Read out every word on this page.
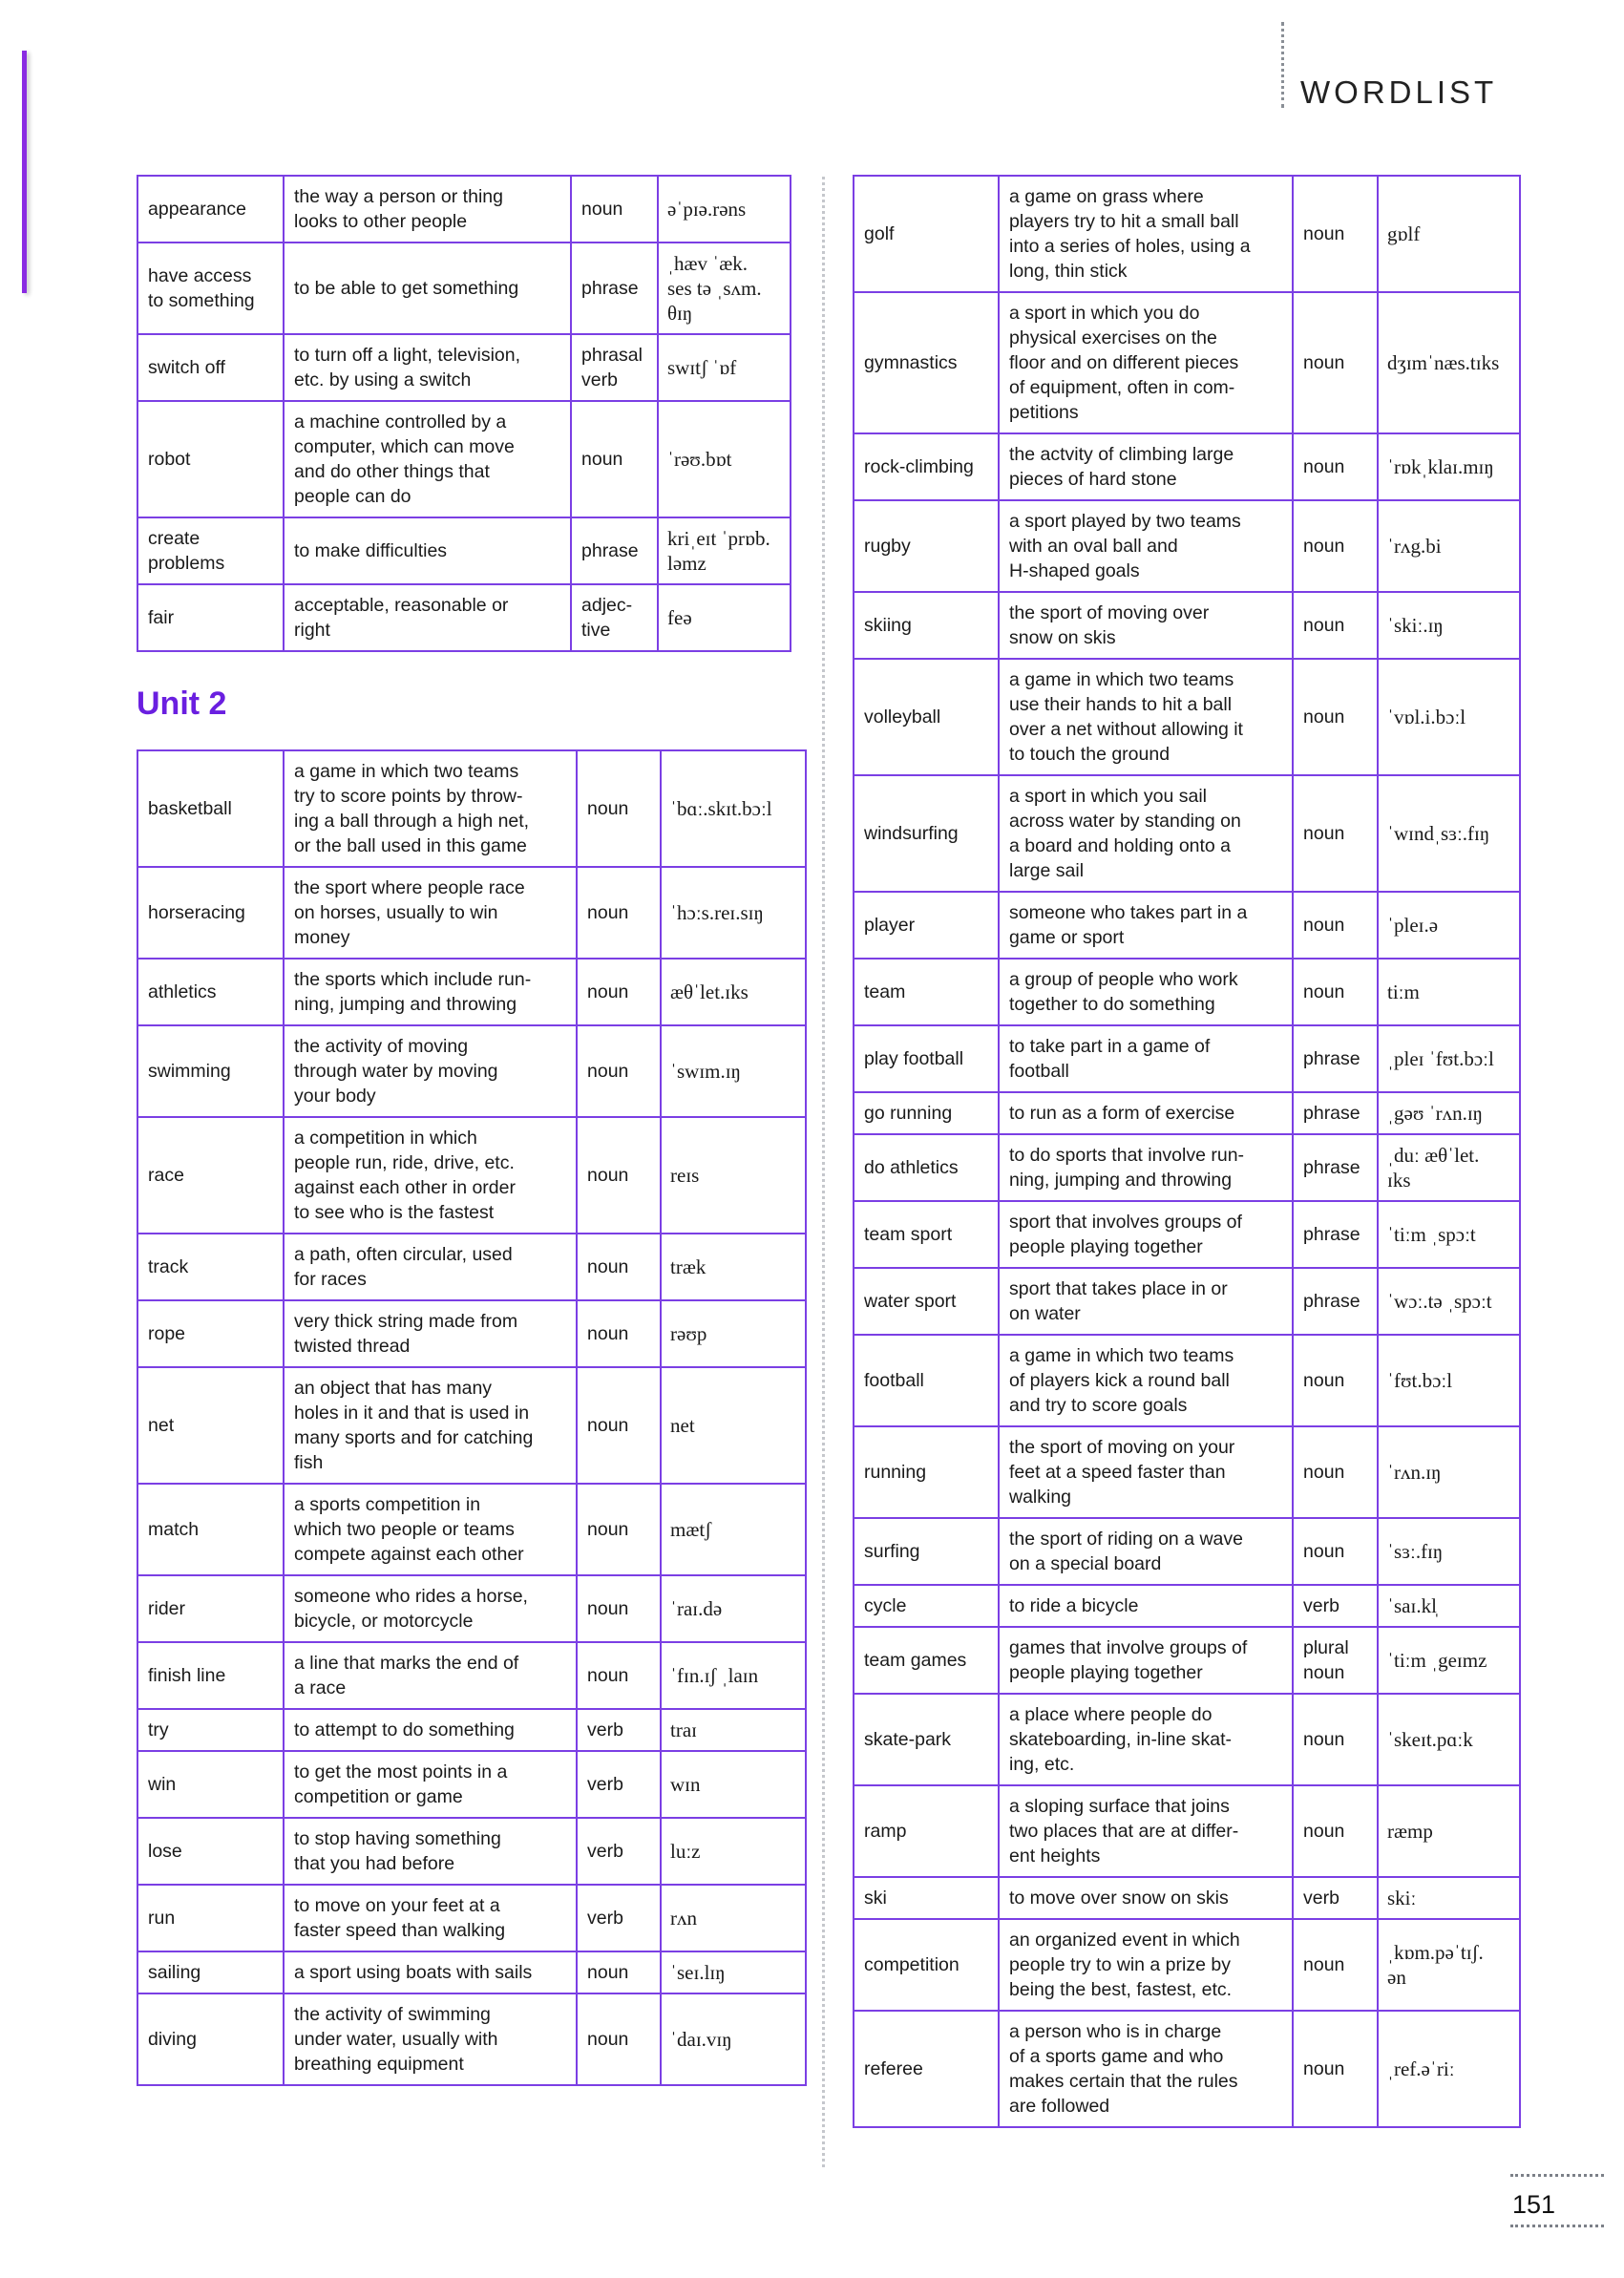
WORDLIST
appearance	the way a person or thing
looks to other people	noun	əˈpɪə.rəns
have access
to something	to be able to get something	phrase	ˌhæv ˈæk.
ses tə ˌsʌm.
θɪŋ
switch off	to turn off a light, television,
etc. by using a switch	phrasal
verb	swɪtʃ ˈɒf
robot	a machine controlled by a
computer, which can move
and do other things that
people can do	noun	ˈrəʊ.bɒt
create
problems	to make difficulties	phrase	kriˌeɪt ˈprɒb.
ləmz
fair	acceptable, reasonable or
right	adjec-
tive	feə
Unit 2
basketball	a game in which two teams
try to score points by throw-
ing a ball through a high net,
or the ball used in this game	noun	ˈbɑː.skɪt.bɔːl
horseracing	the sport where people race
on horses, usually to win
money	noun	ˈhɔːs.reɪ.sɪŋ
athletics	the sports which include run-
ning, jumping and throwing	noun	æθˈlet.ɪks
swimming	the activity of moving
through water by moving
your body	noun	ˈswɪm.ɪŋ
race	a competition in which
people run, ride, drive, etc.
against each other in order
to see who is the fastest	noun	reɪs
track	a path, often circular, used
for races	noun	træk
rope	very thick string made from
twisted thread	noun	rəʊp
net	an object that has many
holes in it and that is used in
many sports and for catching
fish	noun	net
match	a sports competition in
which two people or teams
compete against each other	noun	mætʃ
rider	someone who rides a horse,
bicycle, or motorcycle	noun	ˈraɪ.də
finish line	a line that marks the end of
a race	noun	ˈfɪn.ɪʃ ˌlaɪn
try	to attempt to do something	verb	traɪ
win	to get the most points in a
competition or game	verb	wɪn
lose	to stop having something
that you had before	verb	luːz
run	to move on your feet at a
faster speed than walking	verb	rʌn
sailing	a sport using boats with sails	noun	ˈseɪ.lɪŋ
diving	the activity of swimming
under water, usually with
breathing equipment	noun	ˈdaɪ.vɪŋ
golf	a game on grass where
players try to hit a small ball
into a series of holes, using a
long, thin stick	noun	gɒlf
gymnastics	a sport in which you do
physical exercises on the
floor and on different pieces
of equipment, often in com-
petitions	noun	dʒɪmˈnæs.tɪks
rock-climbing	the actvity of climbing large
pieces of hard stone	noun	ˈrɒkˌklaɪ.mɪŋ
rugby	a sport played by two teams
with an oval ball and
H-shaped goals	noun	ˈrʌg.bi
skiing	the sport of moving over
snow on skis	noun	ˈskiː.ɪŋ
volleyball	a game in which two teams
use their hands to hit a ball
over a net without allowing it
to touch the ground	noun	ˈvɒl.i.bɔːl
windsurfing	a sport in which you sail
across water by standing on
a board and holding onto a
large sail	noun	ˈwɪndˌsɜː.fɪŋ
player	someone who takes part in a
game or sport	noun	ˈpleɪ.ə
team	a group of people who work
together to do something	noun	tiːm
play football	to take part in a game of
football	phrase	ˌpleɪ ˈfʊt.bɔːl
go running	to run as a form of exercise	phrase	ˌgəʊ ˈrʌn.ɪŋ
do athletics	to do sports that involve run-
ning, jumping and throwing	phrase	ˌduː æθˈlet.
ɪks
team sport	sport that involves groups of
people playing together	phrase	ˈtiːm ˌspɔːt
water sport	sport that takes place in or
on water	phrase	ˈwɔː.tə ˌspɔːt
football	a game in which two teams
of players kick a round ball
and try to score goals	noun	ˈfʊt.bɔːl
running	the sport of moving on your
feet at a speed faster than
walking	noun	ˈrʌn.ɪŋ
surfing	the sport of riding on a wave
on a special board	noun	ˈsɜː.fɪŋ
cycle	to ride a bicycle	verb	ˈsaɪ.kl̩
team games	games that involve groups of
people playing together	plural
noun	ˈtiːm ˌgeɪmz
skate-park	a place where people do
skateboarding, in-line skat-
ing, etc.	noun	ˈskeɪt.pɑːk
ramp	a sloping surface that joins
two places that are at differ-
ent heights	noun	ræmp
ski	to move over snow on skis	verb	skiː
competition	an organized event in which
people try to win a prize by
being the best, fastest, etc.	noun	ˌkɒm.pəˈtɪʃ.
ən
referee	a person who is in charge
of a sports game and who
makes certain that the rules
are followed	noun	ˌref.əˈriː
151
